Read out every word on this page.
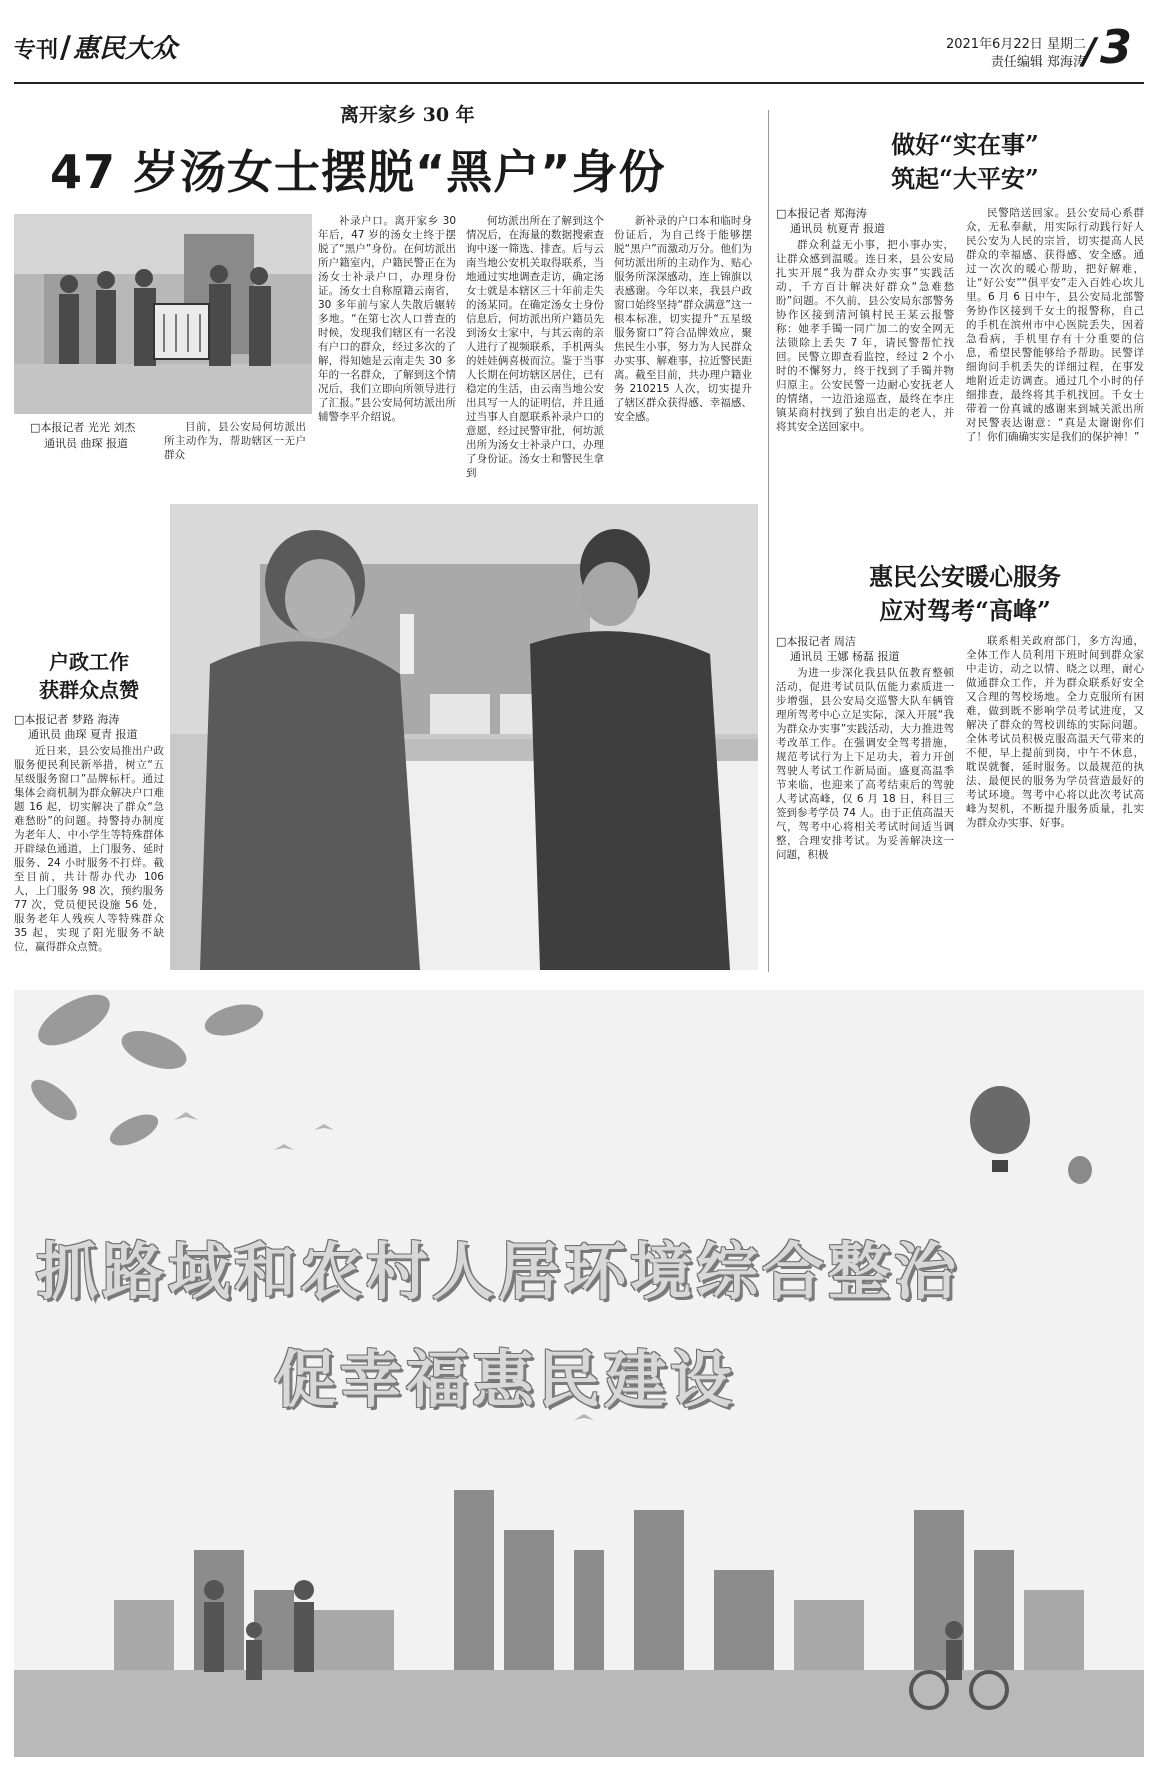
专刊/惠民大众	2021年6月22日 星期二
责任编辑 郑海涛
/3
离开家乡 30 年
47 岁汤女士摆脱“黑户”身份
□本报记者 光光 刘杰
通讯员 曲琛 报道

目前，县公安局何坊派出所主动作为，帮助辖区一无户群众

补录户口。离开家乡 30 年后，47 岁的汤女士终于摆脱了“黑户”身份。在何坊派出所户籍室内，户籍民警正在为汤女士补录户口，办理身份证。汤女士自称原籍云南省，30 多年前与家人失散后辗转多地。“在第七次人口普查的时候，发现我们辖区有一名没有户口的群众，经过多次的了解，得知她是云南走失 30 多年的一名群众，了解到这个情况后，我们立即向所领导进行了汇报。”县公安局何坊派出所辅警李平介绍说。

何坊派出所在了解到这个情况后，在海量的数据搜索查询中逐一筛选、排查。后与云南当地公安机关取得联系，当地通过实地调查走访，确定汤女士就是本辖区三十年前走失的汤某同。在确定汤女士身份信息后，何坊派出所户籍员先到汤女士家中，与其云南的亲人进行了视频联系，手机两头的娃娃俩喜极而泣。鉴于当事人长期在何坊辖区居住，已有稳定的生活，由云南当地公安出具写一人的证明信，并且通过当事人自愿联系补录户口的意愿，经过民警审批，何坊派出所为汤女士补录户口，办理了身份证。汤女士和警民生拿到

新补录的户口本和临时身份证后，为自己终于能够摆脱“黑户”而激动万分。他们为何坊派出所的主动作为、贴心服务所深深感动，连上锦旗以表感谢。今年以来，我县户政窗口始终坚持“群众满意”这一根本标准，切实提升“五星级服务窗口”符合品牌效应，聚焦民生小事，努力为人民群众办实事、解难事，拉近警民距离。截至目前，共办理户籍业务 210215 人次，切实提升了辖区群众获得感、幸福感、安全感。

做好“实在事”
筑起“大平安”
□本报记者 郑海涛
通讯员 杭夏青 报道

群众利益无小事，把小事办实，让群众感到温暖。连日来，县公安局扎实开展“我为群众办实事”实践活动，千方百计解决好群众“急难愁盼”问题。不久前，县公安局东部警务协作区接到清河镇村民王某云报警称：她孝手镯一同广加二的安全网无法锁除上丢失 7 年，请民警帮忙找回。民警立即查看监控，经过 2 个小时的不懈努力，终于找到了手镯并物归原主。公安民警一边耐心安抚老人的情绪，一边沿途巡查，最终在李庄镇某商村找到了独自出走的老人，并将其安全送回家中。

民警陪送回家。县公安局心系群众，无私奉献，用实际行动践行好人民公安为人民的宗旨，切实提高人民群众的幸福感、获得感、安全感。通过一次次的暖心帮助，把好解难，让“好公安”“俱平安”走入百姓心坎儿里。6 月 6 日中午，县公安局北部警务协作区接到千女士的报警称，自己的手机在滨州市中心医院丢失，因着急看病，手机里存有十分重要的信息，希望民警能够给予帮助。民警详细询问手机丢失的详细过程，在事发地附近走访调查。通过几个小时的仔细排查，最终将其手机找回。千女士带着一份真诚的感谢来到城关派出所对民警表达谢意：“真是太谢谢你们了！你们确确实实是我们的保护神！”

惠民公安暖心服务
应对驾考“高峰”
□本报记者 周洁
通讯员 王娜 杨磊 报道

为进一步深化我县队伍教育整顿活动，促进考试员队伍能力素质进一步增强，县公安局交巡警大队车辆管理所驾考中心立足实际，深入开展“我为群众办实事”实践活动，大力推进驾考改革工作。在强调安全驾考措施，规范考试行为上下足功夫，着力开创驾驶人考试工作新局面。盛夏高温季节来临，也迎来了高考结束后的驾驶人考试高峰，仅 6 月 18 日，科目三签到参考学员 74 人。由于正值高温天气，驾考中心将相关考试时间适当调整，合理安排考试。为妥善解决这一问题，积极

联系相关政府部门，多方沟通，全体工作人员利用下班时间到群众家中走访，动之以情、晓之以理，耐心做通群众工作，并为群众联系好安全又合理的驾校场地。全力克服所有困难，做到既不影响学员考试进度，又解决了群众的驾校训练的实际问题。全体考试员积极克服高温天气带来的不便，早上提前到岗，中午不休息，耽误就餐，延时服务。以最规范的执法、最便民的服务为学员营造最好的考试环境。驾考中心将以此次考试高峰为契机，不断提升服务质量，扎实为群众办实事、好事。

户政工作
获群众点赞
□本报记者 梦路 海涛
通讯员 曲琛 夏青 报道

近日来，县公安局推出户政服务便民利民新举措，树立“五星级服务窗口”品牌标杆。通过集体会商机制为群众解决户口难题 16 起，切实解决了群众“急难愁盼”的问题。持警持办制度为老年人、中小学生等特殊群体开辟绿色通道，上门服务、延时服务、24 小时服务不打烊。截至目前，共计帮办代办 106 人，上门服务 98 次，预约服务 77 次，党员便民设施 56 处，服务老年人残疾人等特殊群众 35 起，实现了阳光服务不缺位，赢得群众点赞。

抓路域和农村人居环境综合整治
促幸福惠民建设
